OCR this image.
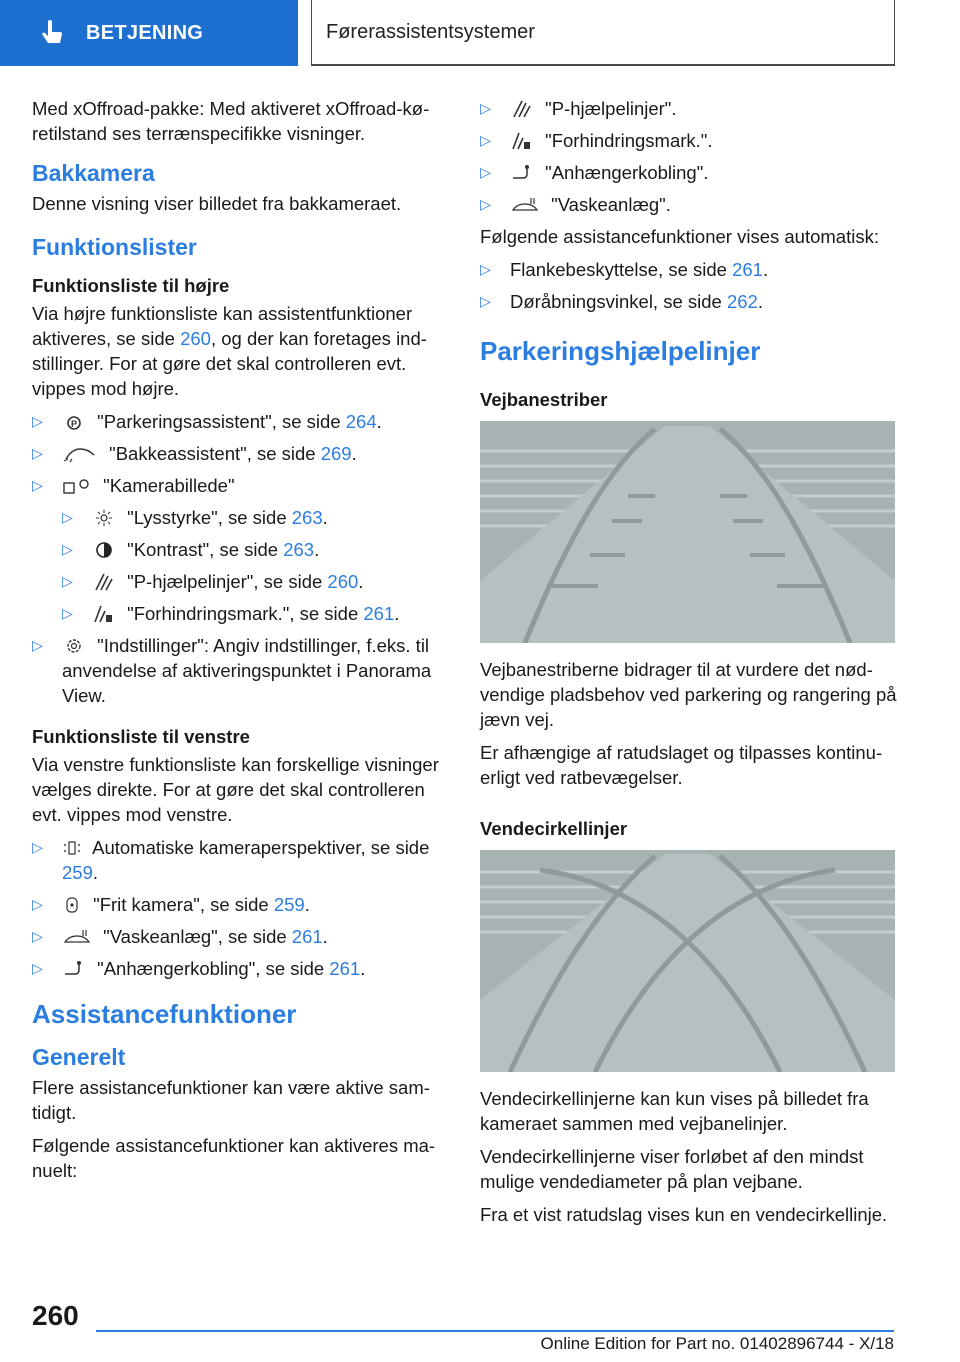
BETJENING	Førerassistentsystemer

Med xOffroad-pakke: Med aktiveret xOffroad-køretilstand ses terrænspecifikke visninger.

Bakkamera

Denne visning viser billedet fra bakkameraet.

Funktionslister
Funktionsliste til højre

Via højre funktionsliste kan assistentfunktioner aktiveres, se side 260, og der kan foretages indstillinger. For at gøre det skal controlleren evt. vippes mod højre.

▷	P "Parkeringsassistent", se side 264.
▷	"Bakkeassistent", se side 269.
▷	"Kamerabillede"
▷	"Lysstyrke", se side 263.
▷	"Kontrast", se side 263.
▷	"P-hjælpelinjer", se side 260.
▷	"Forhindringsmark.", se side 261.
▷	"Indstillinger": Angiv indstillinger, f.eks. til anvendelse af aktiveringspunktet i Panorama View.
Funktionsliste til venstre

Via venstre funktionsliste kan forskellige visninger vælges direkte. For at gøre det skal controlleren evt. vippes mod venstre.

▷ Automatiske kameraperspektiver, se side 259.
▷ "Frit kamera", se side 259.
▷	"Vaskeanlæg", se side 261.
▷	"Anhængerkobling", se side 261.
Assistancefunktioner
Generelt

Flere assistancefunktioner kan være aktive samtidigt.

Følgende assistancefunktioner kan aktiveres manuelt:

▷	"P-hjælpelinjer".
▷	"Forhindringsmark.".
▷	"Anhængerkobling".
▷	"Vaskeanlæg".

Følgende assistancefunktioner vises automatisk:

▷ Flankebeskyttelse, se side 261.
▷ Døråbningsvinkel, se side 262.
Parkeringshjælpelinjer
Vejbanestriber

Vejbanestriberne bidrager til at vurdere det nødvendige pladsbehov ved parkering og rangering på jævn vej.

Er afhængige af ratudslaget og tilpasses kontinuerligt ved ratbevægelser.

Vendecirkellinjer

Vendecirkellinjerne kan kun vises på billedet fra kameraet sammen med vejbanelinjer.

Vendecirkellinjerne viser forløbet af den mindst mulige vendediameter på plan vejbane.

Fra et vist ratudslag vises kun en vendecirkellinje.

260
Online Edition for Part no. 01402896744 - X/18
